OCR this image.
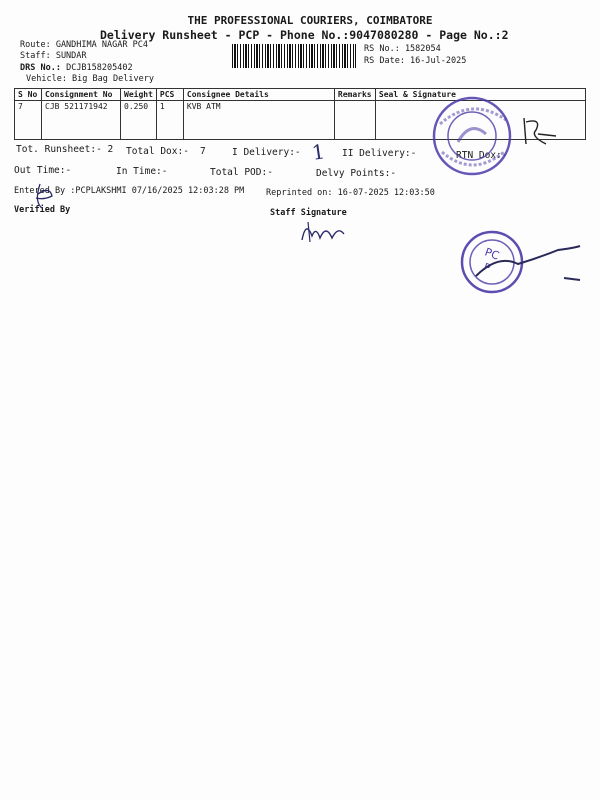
THE PROFESSIONAL COURIERS, COIMBATORE
Delivery Runsheet - PCP - Phone No.:9047080280 - Page No.:2
Route: GANDHIMA NAGAR PC4
Staff: SUNDAR
DRS No.: DCJB158205402
Vehicle: Big Bag Delivery
RS No.: 1582054
RS Date: 16-Jul-2025
S No	Consignment No	Weight	PCS	Consignee Details	Remarks	Seal & Signature
7	CJB 521171942	0.250	1	KVB ATM		
Tot. Runsheet:- 2 Total Dox:- 7	I Delivery:- 1 II Delivery:-	RTN Dox:-
Out Time:-	In Time:-	Total POD:-	Delvy Points:-
Entered By :PCPLAKSHMI 07/16/2025 12:03:28 PM	Reprinted on: 16-07-2025 12:03:50
Verified By	Staff Signature
PC
P
